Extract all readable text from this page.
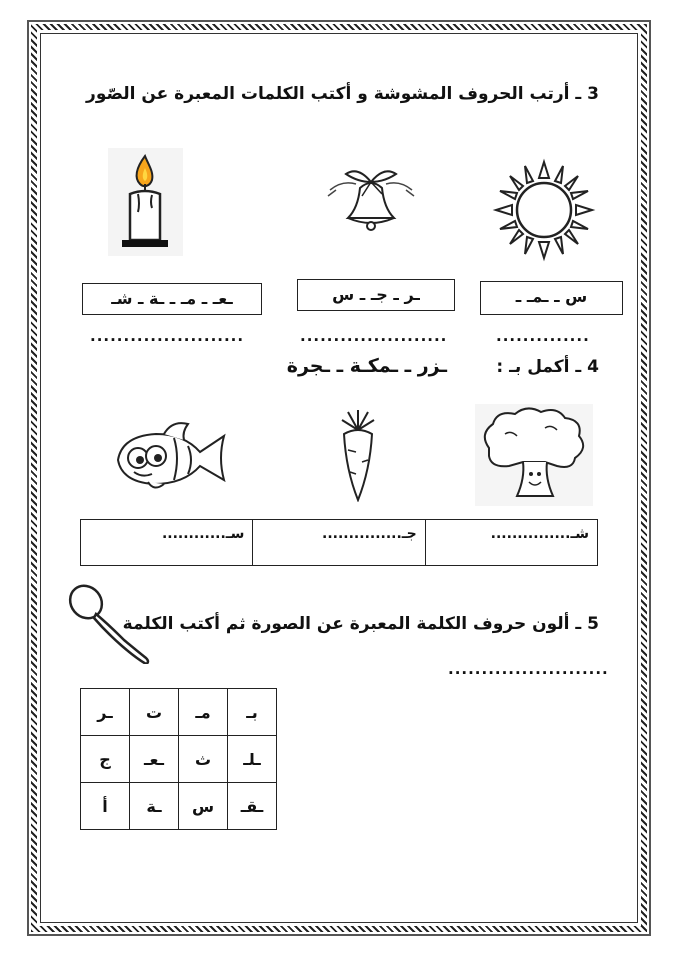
3 ـ أرتب الحروف المشوشة و أكتب الكلمات المعبرة عن الصّور
ـعـ ـ مـ ـ ـة ـ شـ	ـر ـ جـ ـ س	س ـ ـمـ ـ
..............
......................
.......................
4 ـ أكمل بـ :
ـزر ـ ـمكـة ـ ـجرة
شـ...............	جـ...............	سـ............
5 ـ ألون حروف الكلمة المعبرة عن الصورة ثم أكتب الكلمة
........................
بـ	مـ	ت	ـر
ـلـ	ث	ـعـ	ج
ـقـ	س	ـة	أ
